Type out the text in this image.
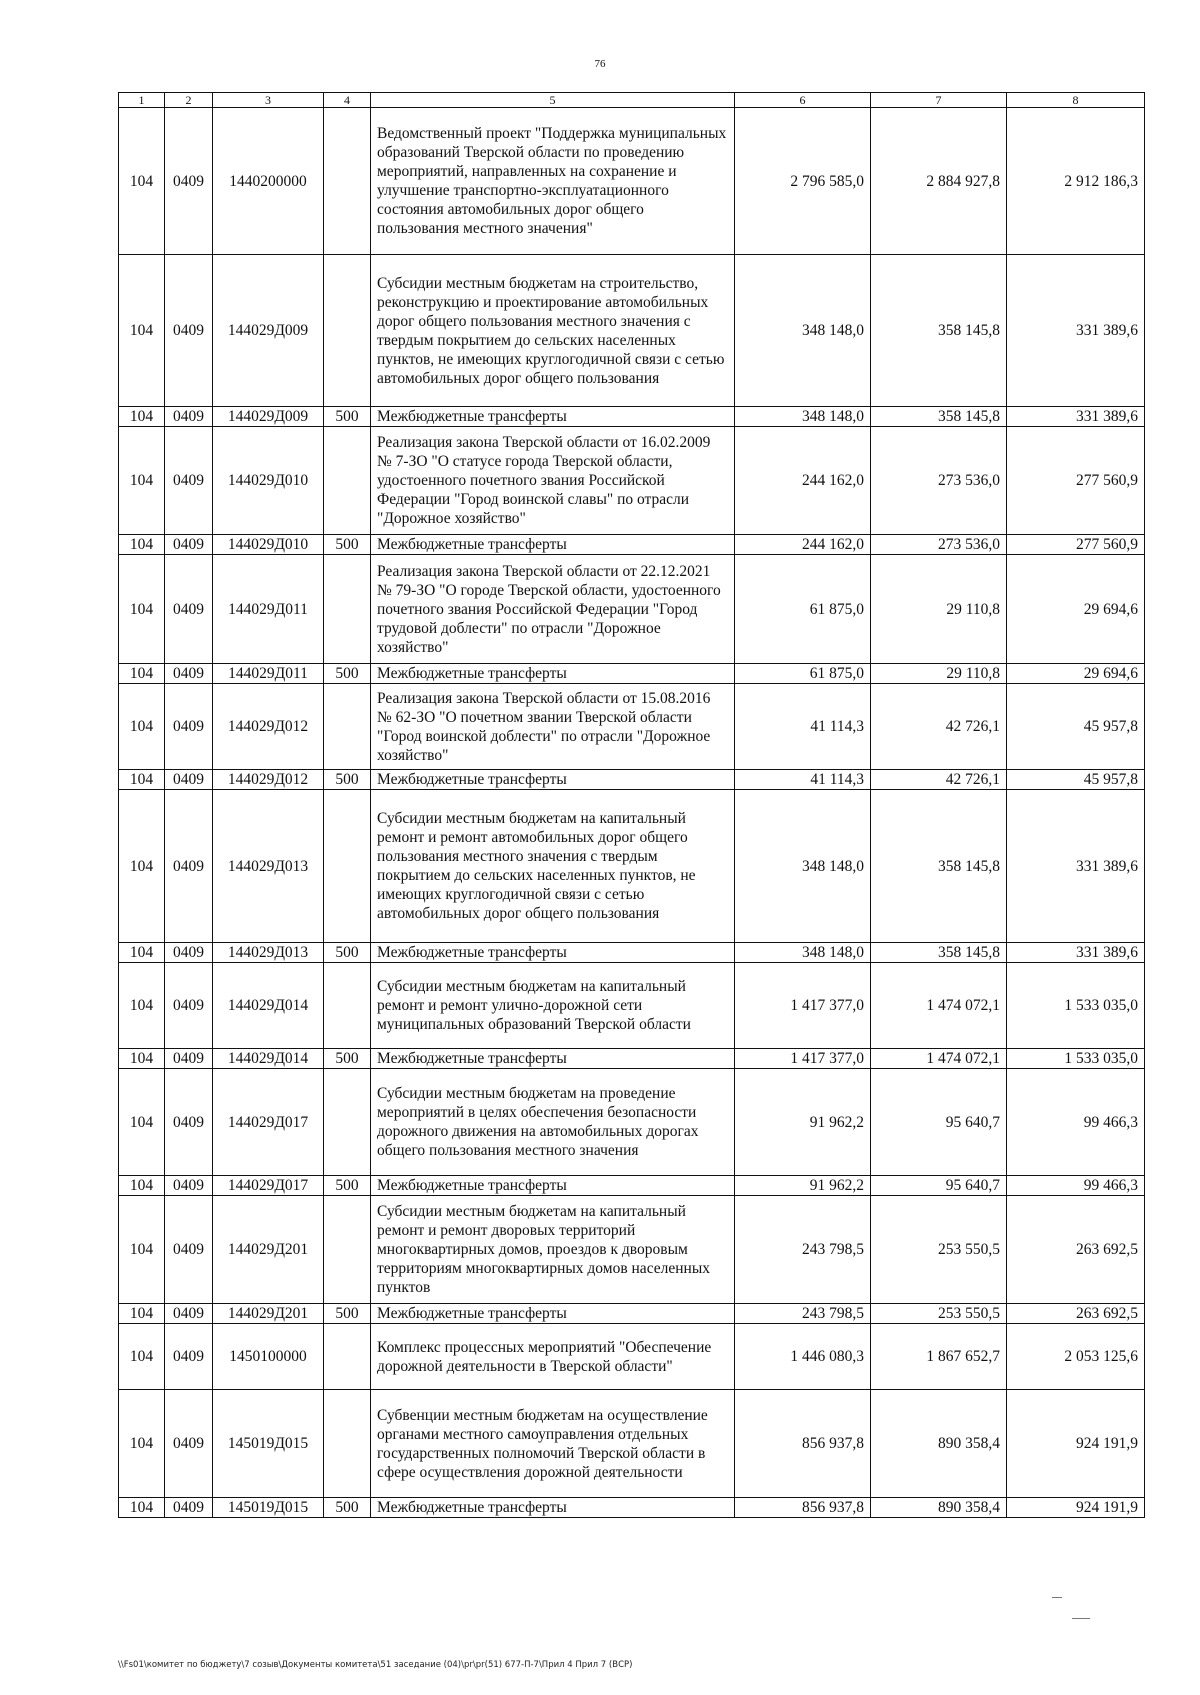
76
1	2	3	4	5	6	7	8
104	0409	1440200000		Ведомственный проект "Поддержка муниципальных образований Тверской области по проведению мероприятий, направленных на сохранение и улучшение транспортно-эксплуатационного состояния автомобильных дорог общего пользования местного значения"	2 796 585,0	2 884 927,8	2 912 186,3
104	0409	144029Д009		Субсидии местным бюджетам на строительство, реконструкцию и проектирование автомобильных дорог общего пользования местного значения с твердым покрытием до сельских населенных пунктов, не имеющих круглогодичной связи с сетью автомобильных дорог общего пользования	348 148,0	358 145,8	331 389,6
104	0409	144029Д009	500	Межбюджетные трансферты	348 148,0	358 145,8	331 389,6
104	0409	144029Д010		Реализация закона Тверской области от 16.02.2009 № 7-ЗО "О статусе города Тверской области, удостоенного почетного звания Российской Федерации "Город воинской славы" по отрасли "Дорожное хозяйство"	244 162,0	273 536,0	277 560,9
104	0409	144029Д010	500	Межбюджетные трансферты	244 162,0	273 536,0	277 560,9
104	0409	144029Д011		Реализация закона Тверской области от 22.12.2021 № 79-ЗО "О городе Тверской области, удостоенного почетного звания Российской Федерации "Город трудовой доблести" по отрасли "Дорожное хозяйство"	61 875,0	29 110,8	29 694,6
104	0409	144029Д011	500	Межбюджетные трансферты	61 875,0	29 110,8	29 694,6
104	0409	144029Д012		Реализация закона Тверской области от 15.08.2016 № 62-ЗО "О почетном звании Тверской области "Город воинской доблести" по отрасли "Дорожное хозяйство"	41 114,3	42 726,1	45 957,8
104	0409	144029Д012	500	Межбюджетные трансферты	41 114,3	42 726,1	45 957,8
104	0409	144029Д013		Субсидии местным бюджетам на капитальный ремонт и ремонт автомобильных дорог общего пользования местного значения с твердым покрытием до сельских населенных пунктов, не имеющих круглогодичной связи с сетью автомобильных дорог общего пользования	348 148,0	358 145,8	331 389,6
104	0409	144029Д013	500	Межбюджетные трансферты	348 148,0	358 145,8	331 389,6
104	0409	144029Д014		Субсидии местным бюджетам на капитальный ремонт и ремонт улично-дорожной сети муниципальных образований Тверской области	1 417 377,0	1 474 072,1	1 533 035,0
104	0409	144029Д014	500	Межбюджетные трансферты	1 417 377,0	1 474 072,1	1 533 035,0
104	0409	144029Д017		Субсидии местным бюджетам на проведение мероприятий в целях обеспечения безопасности дорожного движения на автомобильных дорогах общего пользования местного значения	91 962,2	95 640,7	99 466,3
104	0409	144029Д017	500	Межбюджетные трансферты	91 962,2	95 640,7	99 466,3
104	0409	144029Д201		Субсидии местным бюджетам на капитальный ремонт и ремонт дворовых территорий многоквартирных домов, проездов к дворовым территориям многоквартирных домов населенных пунктов	243 798,5	253 550,5	263 692,5
104	0409	144029Д201	500	Межбюджетные трансферты	243 798,5	253 550,5	263 692,5
104	0409	1450100000		Комплекс процессных мероприятий "Обеспечение дорожной деятельности в Тверской области"	1 446 080,3	1 867 652,7	2 053 125,6
104	0409	145019Д015		Субвенции местным бюджетам на осуществление органами местного самоуправления отдельных государственных полномочий Тверской области в сфере осуществления дорожной деятельности	856 937,8	890 358,4	924 191,9
104	0409	145019Д015	500	Межбюджетные трансферты	856 937,8	890 358,4	924 191,9
\\Fs01\комитет по бюджету\7 созыв\Документы комитета\51 заседание (04)\pr\pr(51) 677-П-7\Прил 4 Прил 7 (ВСР)
